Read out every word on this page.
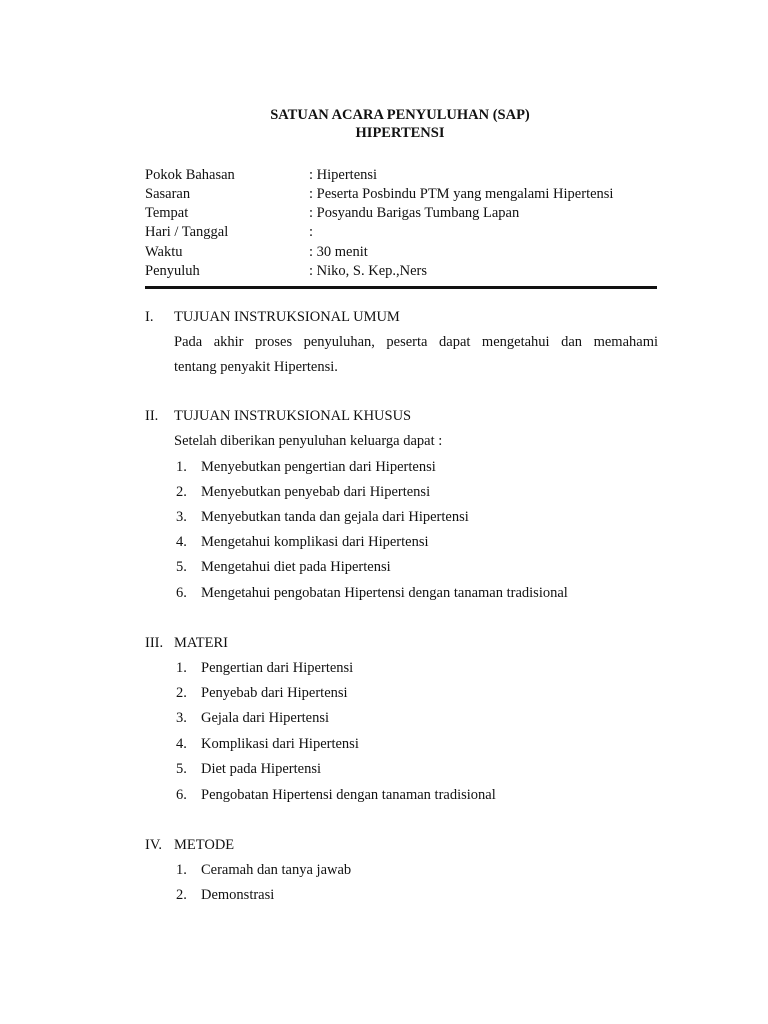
SATUAN ACARA PENYULUHAN (SAP)
HIPERTENSI
Pokok Bahasan	: Hipertensi
Sasaran	: Peserta Posbindu PTM yang mengalami Hipertensi
Tempat	: Posyandu Barigas Tumbang Lapan
Hari / Tanggal	:
Waktu	: 30 menit
Penyuluh	: Niko, S. Kep.,Ners
I. TUJUAN INSTRUKSIONAL UMUM
Pada akhir proses penyuluhan, peserta dapat mengetahui dan memahami
tentang penyakit Hipertensi.
II. TUJUAN INSTRUKSIONAL KHUSUS
Setelah diberikan penyuluhan keluarga dapat :
1. Menyebutkan pengertian dari Hipertensi
2. Menyebutkan penyebab dari Hipertensi
3. Menyebutkan tanda dan gejala dari Hipertensi
4. Mengetahui komplikasi dari Hipertensi
5. Mengetahui diet pada Hipertensi
6. Mengetahui pengobatan Hipertensi dengan tanaman tradisional
III. MATERI
1. Pengertian dari Hipertensi
2. Penyebab dari Hipertensi
3. Gejala dari Hipertensi
4. Komplikasi dari Hipertensi
5. Diet pada Hipertensi
6. Pengobatan Hipertensi dengan tanaman tradisional
IV. METODE
1. Ceramah dan tanya jawab
2. Demonstrasi
